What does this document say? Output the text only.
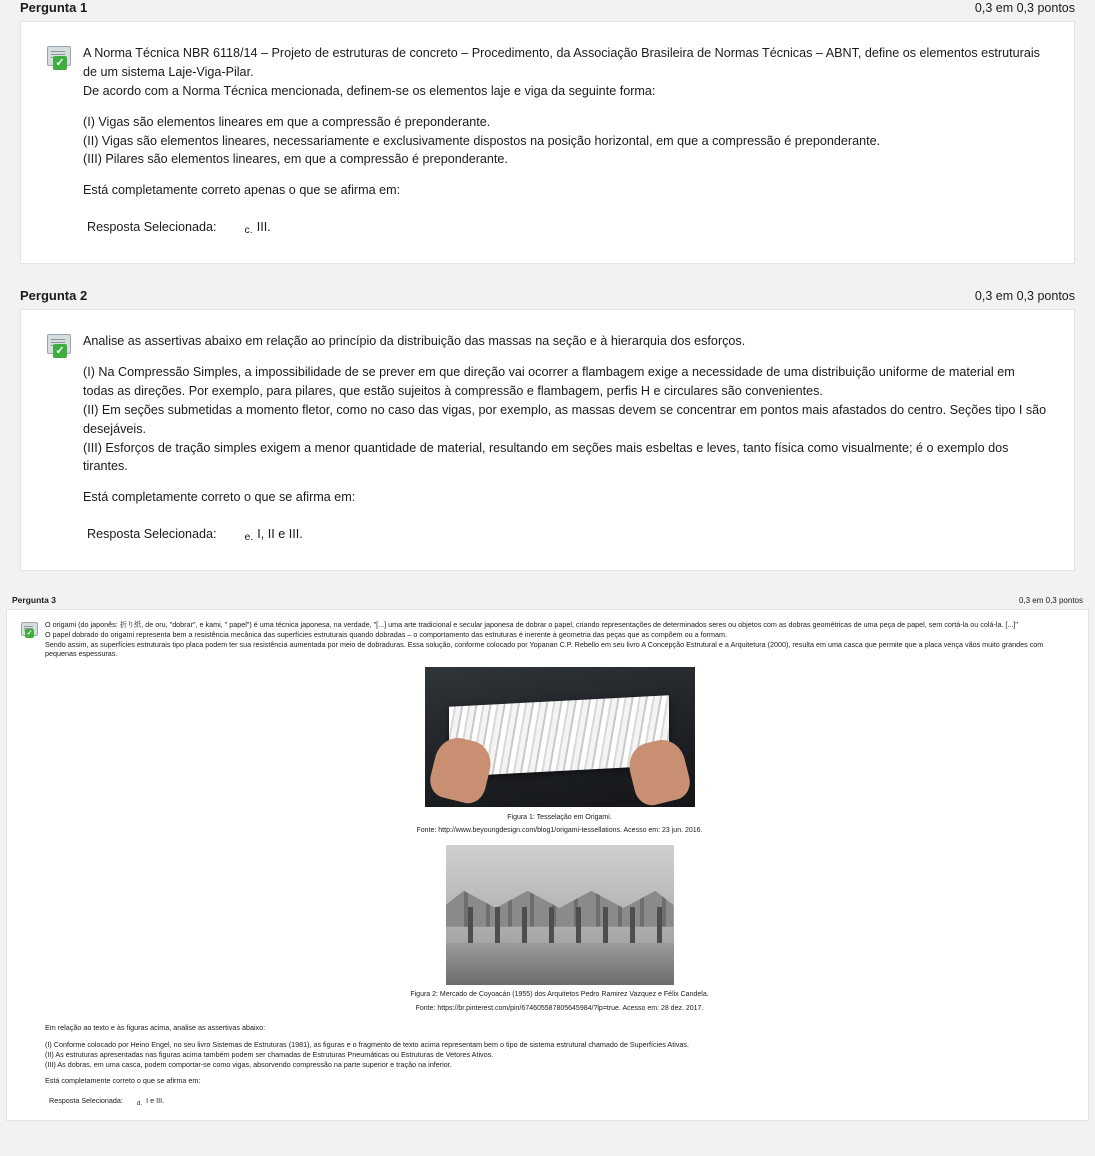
Pergunta 1	0,3 em 0,3 pontos
✓

A Norma Técnica NBR 6118/14 – Projeto de estruturas de concreto – Procedimento, da Associação Brasileira de Normas Técnicas – ABNT, define os elementos estruturais de um sistema Laje-Viga-Pilar.

De acordo com a Norma Técnica mencionada, definem-se os elementos laje e viga da seguinte forma:

(I) Vigas são elementos lineares em que a compressão é preponderante.

(II) Vigas são elementos lineares, necessariamente e exclusivamente dispostos na posição horizontal, em que a compressão é preponderante.

(III) Pilares são elementos lineares, em que a compressão é preponderante.

Está completamente correto apenas o que se afirma em:

Resposta Selecionada:	c. III.
Pergunta 2	0,3 em 0,3 pontos
✓

Analise as assertivas abaixo em relação ao princípio da distribuição das massas na seção e à hierarquia dos esforços.

(I) Na Compressão Simples, a impossibilidade de se prever em que direção vai ocorrer a flambagem exige a necessidade de uma distribuição uniforme de material em todas as direções. Por exemplo, para pilares, que estão sujeitos à compressão e flambagem, perfis H e circulares são convenientes.

(II) Em seções submetidas a momento fletor, como no caso das vigas, por exemplo, as massas devem se concentrar em pontos mais afastados do centro. Seções tipo I são desejáveis.

(III) Esforços de tração simples exigem a menor quantidade de material, resultando em seções mais esbeltas e leves, tanto física como visualmente; é o exemplo dos tirantes.

Está completamente correto o que se afirma em:

Resposta Selecionada:	e. I, II e III.
Pergunta 3	0,3 em 0,3 pontos
✓

O origami (do japonês: 折り紙, de oru, "dobrar", e kami, " papel") é uma técnica japonesa, na verdade, "[...] uma arte tradicional e secular japonesa de dobrar o papel, criando representações de determinados seres ou objetos com as dobras geométricas de uma peça de papel, sem cortá-la ou colá-la. [...]"

O papel dobrado do origami representa bem a resistência mecânica das superfícies estruturais quando dobradas – o comportamento das estruturas é inerente à geometria das peças que as compõem ou a formam.

Sendo assim, as superfícies estruturais tipo placa podem ter sua resistência aumentada por meio de dobraduras. Essa solução, conforme colocado por Yopanan C.P. Rebello em seu livro A Concepção Estrutural e a Arquitetura (2000), resulta em uma casca que permite que a placa vença vãos muito grandes com pequenas espessuras.

Figura 1: Tesselação em Origami.
Fonte: http://www.beyoungdesign.com/blog1/origami-tessellations. Acesso em: 23 jun. 2016.
Figura 2: Mercado de Coyoacán (1955) dos Arquitetos Pedro Ramirez Vazquez e Félix Candela.
Fonte: https://br.pinterest.com/pin/674605587805645984/?lp=true. Acesso em: 28 dez. 2017.

Em relação ao texto e às figuras acima, analise as assertivas abaixo:

(I) Conforme colocado por Heino Engel, no seu livro Sistemas de Estruturas (1981), as figuras e o fragmento de texto acima representam bem o tipo de sistema estrutural chamado de Superfícies Ativas.

(II) As estruturas apresentadas nas figuras acima também podem ser chamadas de Estruturas Pneumáticas ou Estruturas de Vetores Ativos.

(III) As dobras, em uma casca, podem comportar-se como vigas, absorvendo compressão na parte superior e tração na inferior.

Está completamente correto o que se afirma em:

Resposta Selecionada: d. I e III.
